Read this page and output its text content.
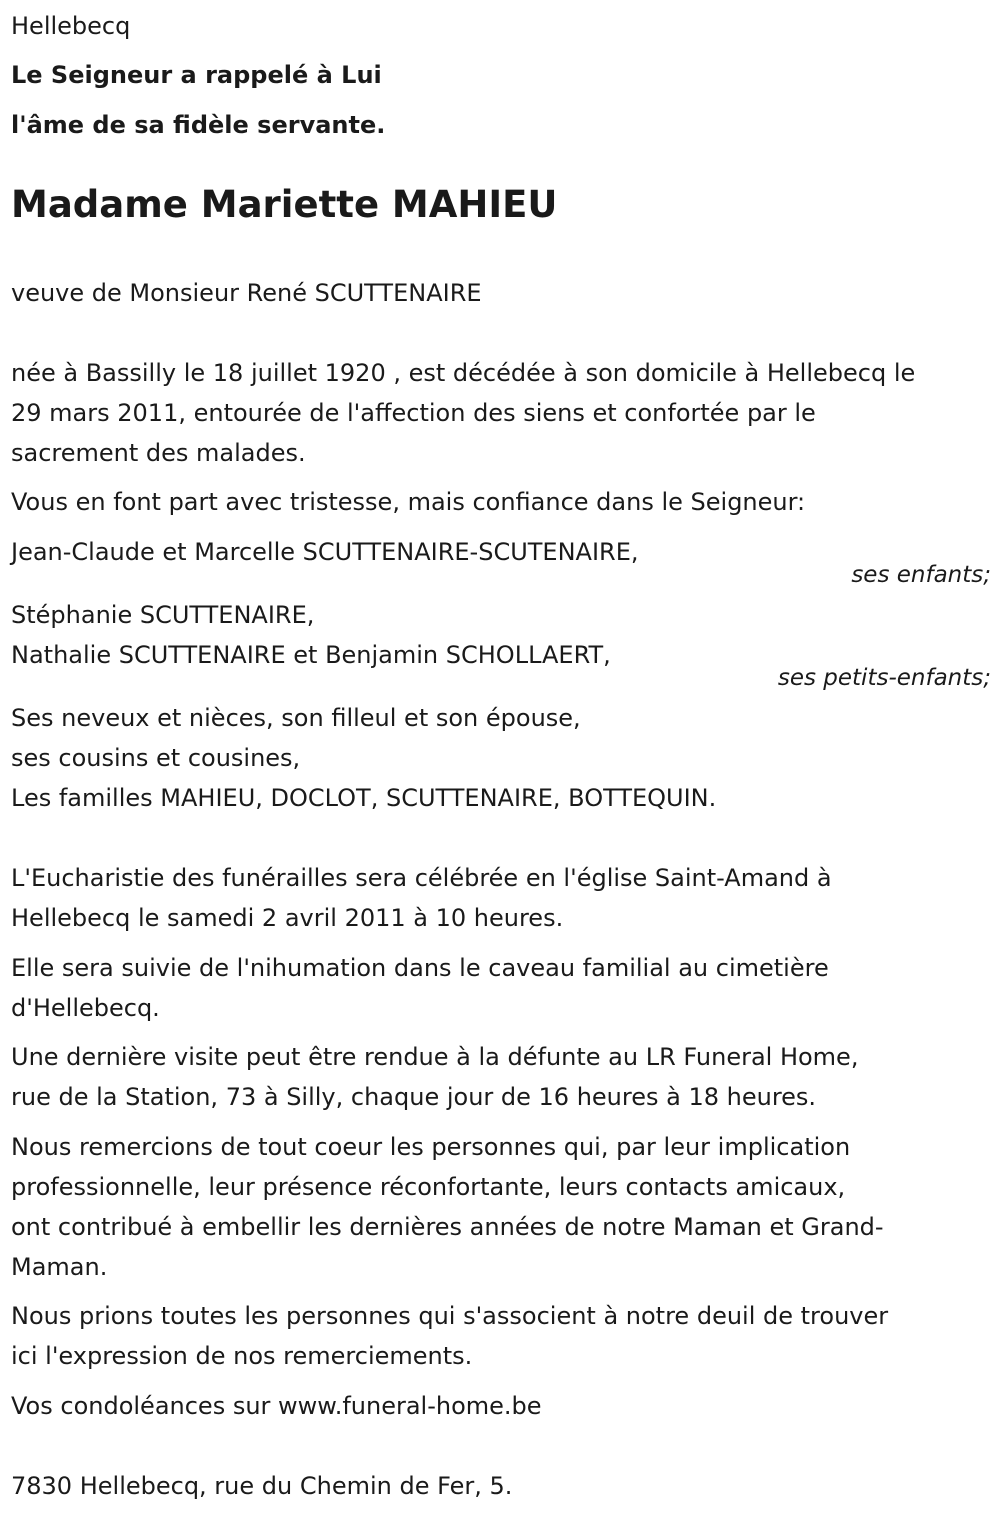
Hellebecq

Le Seigneur a rappelé à Lui

l'âme de sa fidèle servante.

Madame Mariette MAHIEU

veuve de Monsieur René SCUTTENAIRE

née à Bassilly le 18 juillet 1920 , est décédée à son domicile à Hellebecq le

29 mars 2011, entourée de l'affection des siens et confortée par le

sacrement des malades.

Vous en font part avec tristesse, mais confiance dans le Seigneur:

Jean-Claude et Marcelle SCUTTENAIRE-SCUTENAIRE,

ses enfants;

Stéphanie SCUTTENAIRE,

Nathalie SCUTTENAIRE et Benjamin SCHOLLAERT,

ses petits-enfants;

Ses neveux et nièces, son filleul et son épouse,

ses cousins et cousines,

Les familles MAHIEU, DOCLOT, SCUTTENAIRE, BOTTEQUIN.

L'Eucharistie des funérailles sera célébrée en l'église Saint-Amand à

Hellebecq le samedi 2 avril 2011 à 10 heures.

Elle sera suivie de l'nihumation dans le caveau familial au cimetière

d'Hellebecq.

Une dernière visite peut être rendue à la défunte au LR Funeral Home,

rue de la Station, 73 à Silly, chaque jour de 16 heures à 18 heures.

Nous remercions de tout coeur les personnes qui, par leur implication

professionnelle, leur présence réconfortante, leurs contacts amicaux,

ont contribué à embellir les dernières années de notre Maman et Grand-

Maman.

Nous prions toutes les personnes qui s'associent à notre deuil de trouver

ici l'expression de nos remerciements.

Vos condoléances sur www.funeral-home.be

7830 Hellebecq, rue du Chemin de Fer, 5.
